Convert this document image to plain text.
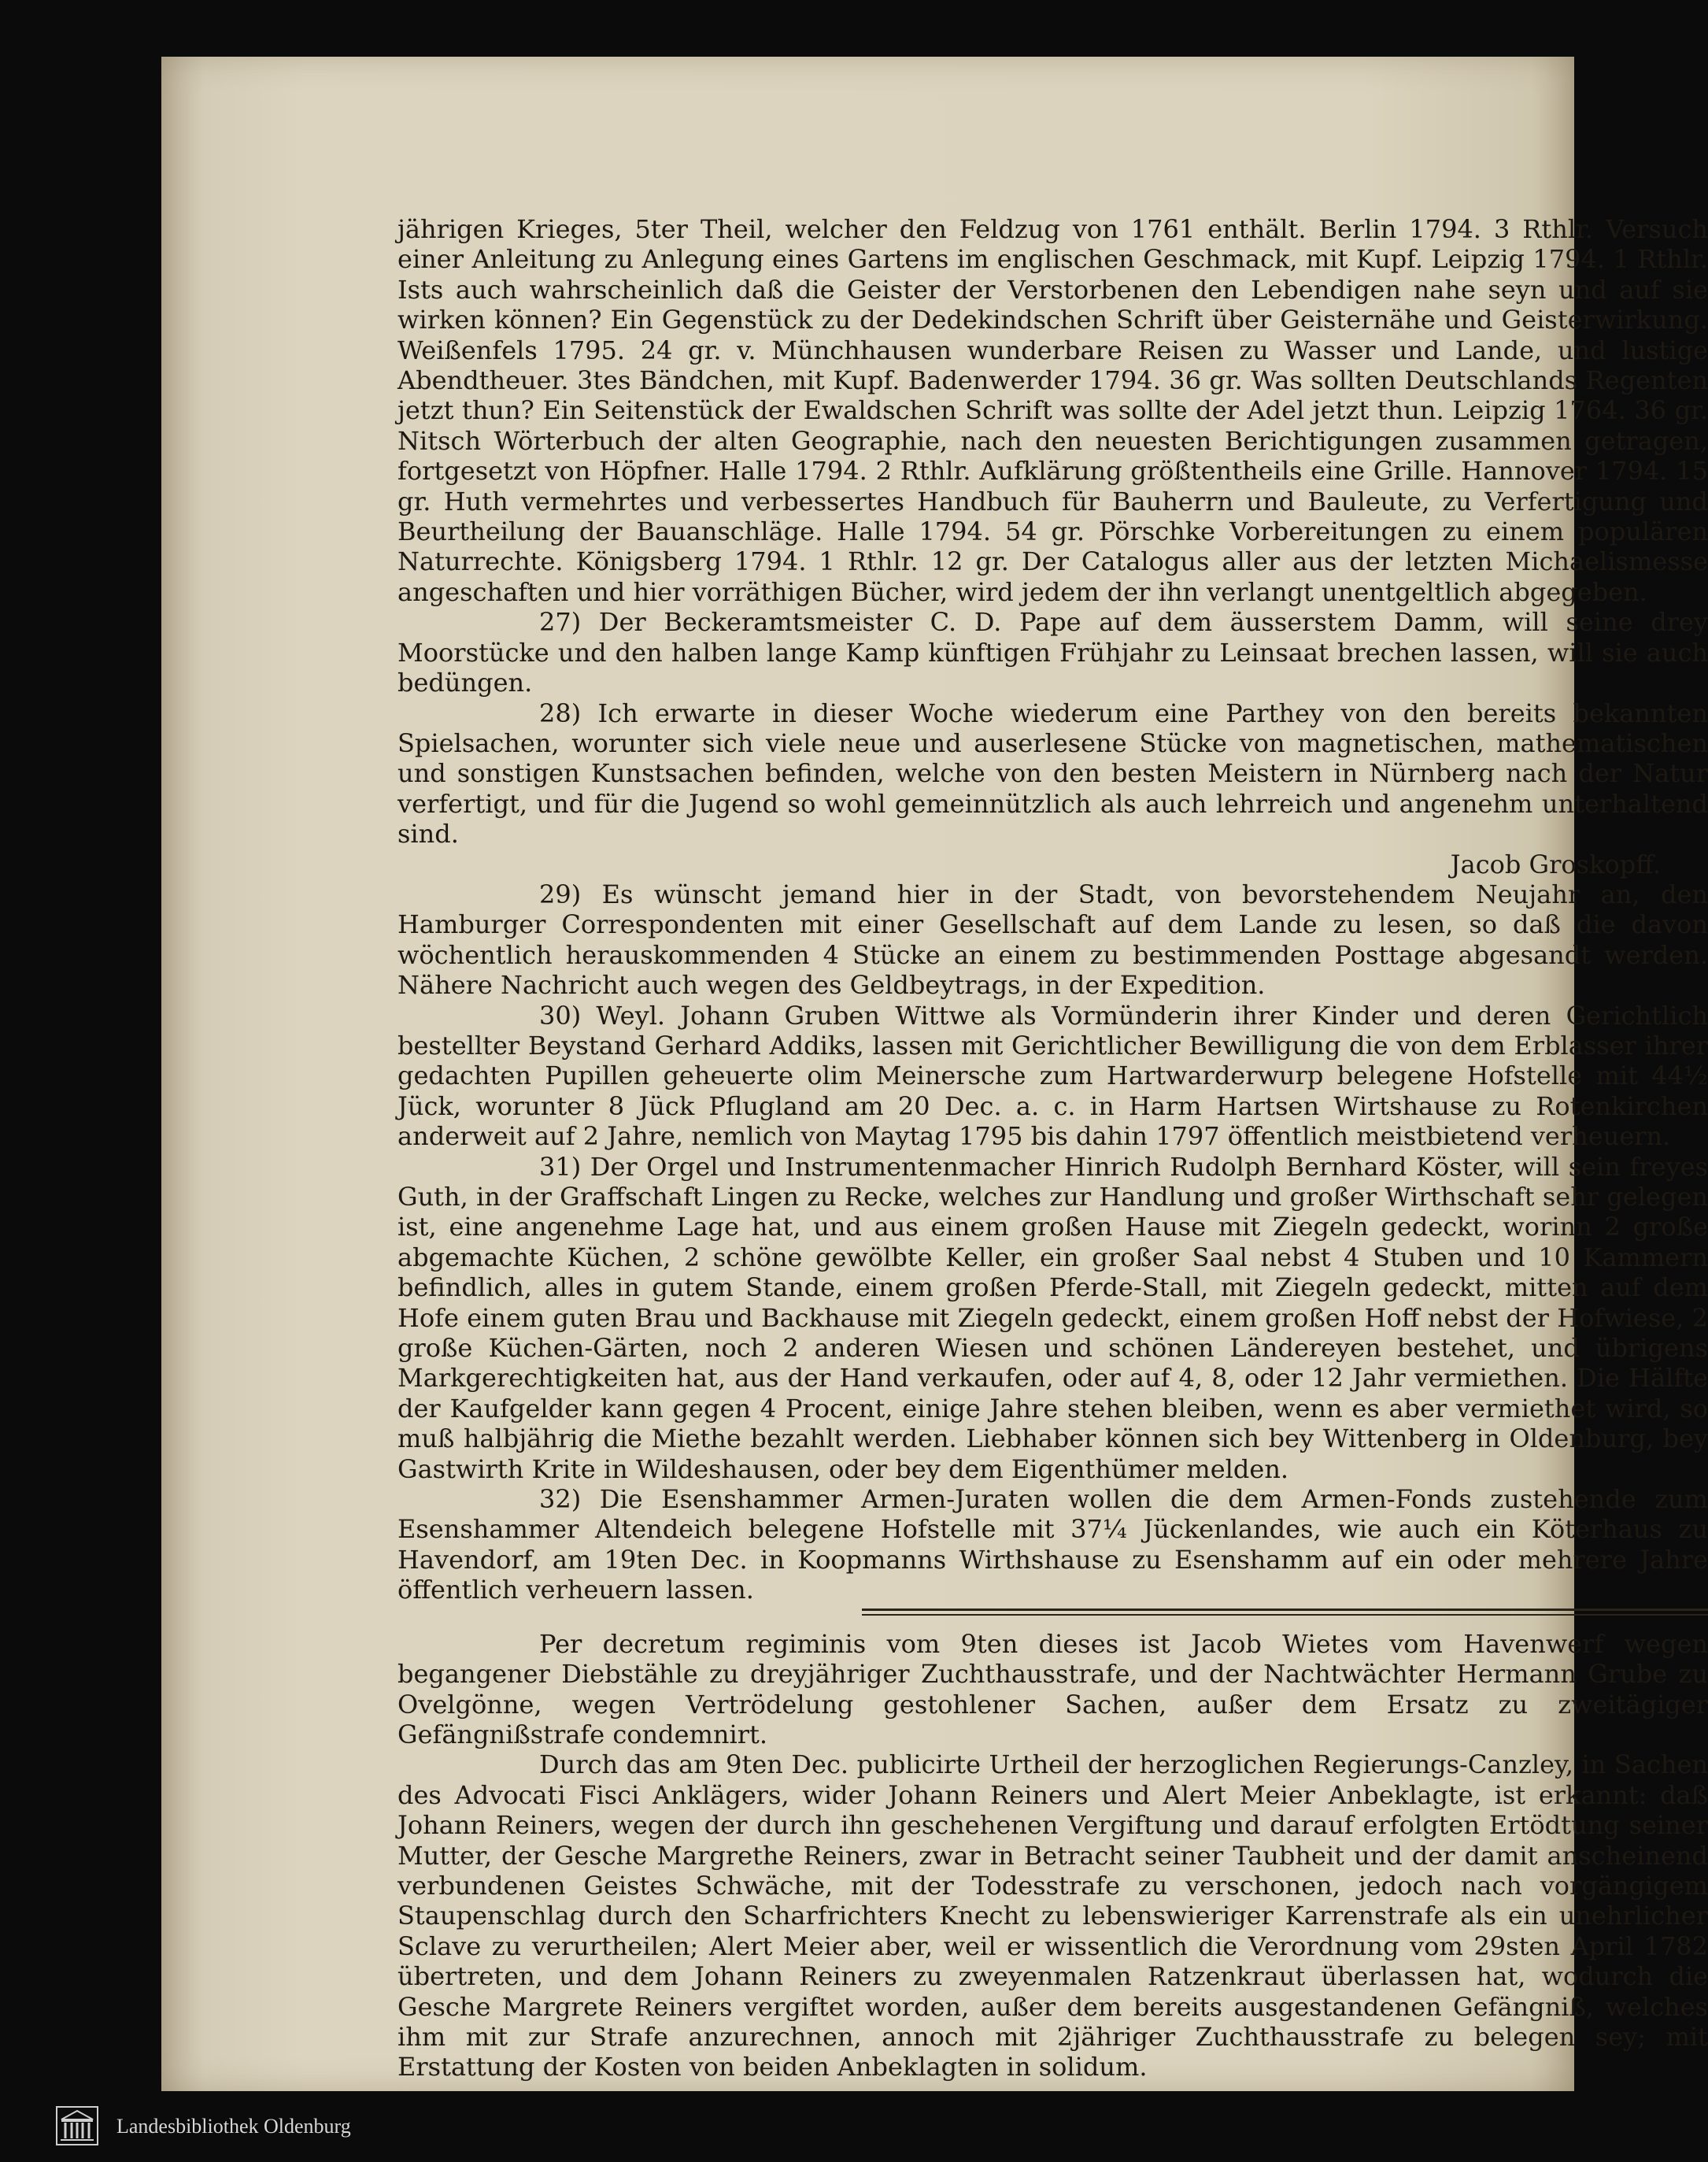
jährigen Krieges, 5ter Theil, welcher den Feldzug von 1761 enthält. Berlin 1794. 3 Rthlr. Versuch einer Anleitung zu Anlegung eines Gartens im englischen Geschmack, mit Kupf. Leipzig 1794. 1 Rthlr. Ists auch wahrscheinlich daß die Geister der Verstorbenen den Lebendigen nahe seyn und auf sie wirken können? Ein Gegenstück zu der Dedekindschen Schrift über Geisternähe und Geisterwirkung. Weißenfels 1795. 24 gr. v. Münchhausen wunderbare Reisen zu Wasser und Lande, und lustige Abendtheuer. 3tes Bändchen, mit Kupf. Badenwerder 1794. 36 gr. Was sollten Deutschlands Regenten jetzt thun? Ein Seitenstück der Ewaldschen Schrift was sollte der Adel jetzt thun. Leipzig 1764. 36 gr. Nitsch Wörterbuch der alten Geographie, nach den neuesten Berichtigungen zusammen getragen, fortgesetzt von Höpfner. Halle 1794. 2 Rthlr. Aufklärung größtentheils eine Grille. Hannover 1794. 15 gr. Huth vermehrtes und verbessertes Handbuch für Bauherrn und Bauleute, zu Verfertigung und Beurtheilung der Bauanschläge. Halle 1794. 54 gr. Pörschke Vorbereitungen zu einem populären Naturrechte. Königsberg 1794. 1 Rthlr. 12 gr. Der Catalogus aller aus der letzten Michaelismesse angeschaften und hier vorräthigen Bücher, wird jedem der ihn verlangt unentgeltlich abgegeben.

27) Der Beckeramtsmeister C. D. Pape auf dem äusserstem Damm, will seine drey Moorstücke und den halben lange Kamp künftigen Frühjahr zu Leinsaat brechen lassen, will sie auch bedüngen.

28) Ich erwarte in dieser Woche wiederum eine Parthey von den bereits bekannten Spielsachen, worunter sich viele neue und auserlesene Stücke von magnetischen, mathematischen und sonstigen Kunstsachen befinden, welche von den besten Meistern in Nürnberg nach der Natur verfertigt, und für die Jugend so wohl gemeinnützlich als auch lehrreich und angenehm unterhaltend sind.

Jacob Groskopff.

29) Es wünscht jemand hier in der Stadt, von bevorstehendem Neujahr an, den Hamburger Correspondenten mit einer Gesellschaft auf dem Lande zu lesen, so daß die davon wöchentlich herauskommenden 4 Stücke an einem zu bestimmenden Posttage abgesandt werden. Nähere Nachricht auch wegen des Geldbeytrags, in der Expedition.

30) Weyl. Johann Gruben Wittwe als Vormünderin ihrer Kinder und deren Gerichtlich bestellter Beystand Gerhard Addiks, lassen mit Gerichtlicher Bewilligung die von dem Erblasser ihrer gedachten Pupillen geheuerte olim Meinersche zum Hartwarderwurp belegene Hofstelle mit 44½ Jück, worunter 8 Jück Pflugland am 20 Dec. a. c. in Harm Hartsen Wirtshause zu Rotenkirchen anderweit auf 2 Jahre, nemlich von Maytag 1795 bis dahin 1797 öffentlich meistbietend verheuern.

31) Der Orgel und Instrumentenmacher Hinrich Rudolph Bernhard Köster, will sein freyes Guth, in der Graffschaft Lingen zu Recke, welches zur Handlung und großer Wirthschaft sehr gelegen ist, eine angenehme Lage hat, und aus einem großen Hause mit Ziegeln gedeckt, worinn 2 große abgemachte Küchen, 2 schöne gewölbte Keller, ein großer Saal nebst 4 Stuben und 10 Kammern befindlich, alles in gutem Stande, einem großen Pferde-Stall, mit Ziegeln gedeckt, mitten auf dem Hofe einem guten Brau und Backhause mit Ziegeln gedeckt, einem großen Hoff nebst der Hofwiese, 2 große Küchen-Gärten, noch 2 anderen Wiesen und schönen Ländereyen bestehet, und übrigens Markgerechtigkeiten hat, aus der Hand verkaufen, oder auf 4, 8, oder 12 Jahr vermiethen. Die Hälfte der Kaufgelder kann gegen 4 Procent, einige Jahre stehen bleiben, wenn es aber vermiethet wird, so muß halbjährig die Miethe bezahlt werden. Liebhaber können sich bey Wittenberg in Oldenburg, bey Gastwirth Krite in Wildeshausen, oder bey dem Eigenthümer melden.

32) Die Esenshammer Armen-Juraten wollen die dem Armen-Fonds zustehende zum Esenshammer Altendeich belegene Hofstelle mit 37¼ Jückenlandes, wie auch ein Köterhaus zu Havendorf, am 19ten Dec. in Koopmanns Wirthshause zu Esenshamm auf ein oder mehrere Jahre öffentlich verheuern lassen.

Per decretum regiminis vom 9ten dieses ist Jacob Wietes vom Havenwerf wegen begangener Diebstähle zu dreyjähriger Zuchthausstrafe, und der Nachtwächter Hermann Grube zu Ovelgönne, wegen Vertrödelung gestohlener Sachen, außer dem Ersatz zu zweitägiger Gefängnißstrafe condemnirt.

Durch das am 9ten Dec. publicirte Urtheil der herzoglichen Regierungs-Canzley, in Sachen des Advocati Fisci Anklägers, wider Johann Reiners und Alert Meier Anbeklagte, ist erkannt: daß Johann Reiners, wegen der durch ihn geschehenen Vergiftung und darauf erfolgten Ertödtung seiner Mutter, der Gesche Margrethe Reiners, zwar in Betracht seiner Taubheit und der damit anscheinend verbundenen Geistes Schwäche, mit der Todesstrafe zu verschonen, jedoch nach vorgängigem Staupenschlag durch den Scharfrichters Knecht zu lebenswieriger Karrenstrafe als ein unehrlicher Sclave zu verurtheilen; Alert Meier aber, weil er wissentlich die Verordnung vom 29sten April 1782 übertreten, und dem Johann Reiners zu zweyenmalen Ratzenkraut überlassen hat, wodurch die Gesche Margrete Reiners vergiftet worden, außer dem bereits ausgestandenen Gefängniß, welches ihm mit zur Strafe anzurechnen, annoch mit 2jähriger Zuchthausstrafe zu belegen sey; mit Erstattung der Kosten von beiden Anbeklagten in solidum.

Landesbibliothek Oldenburg
